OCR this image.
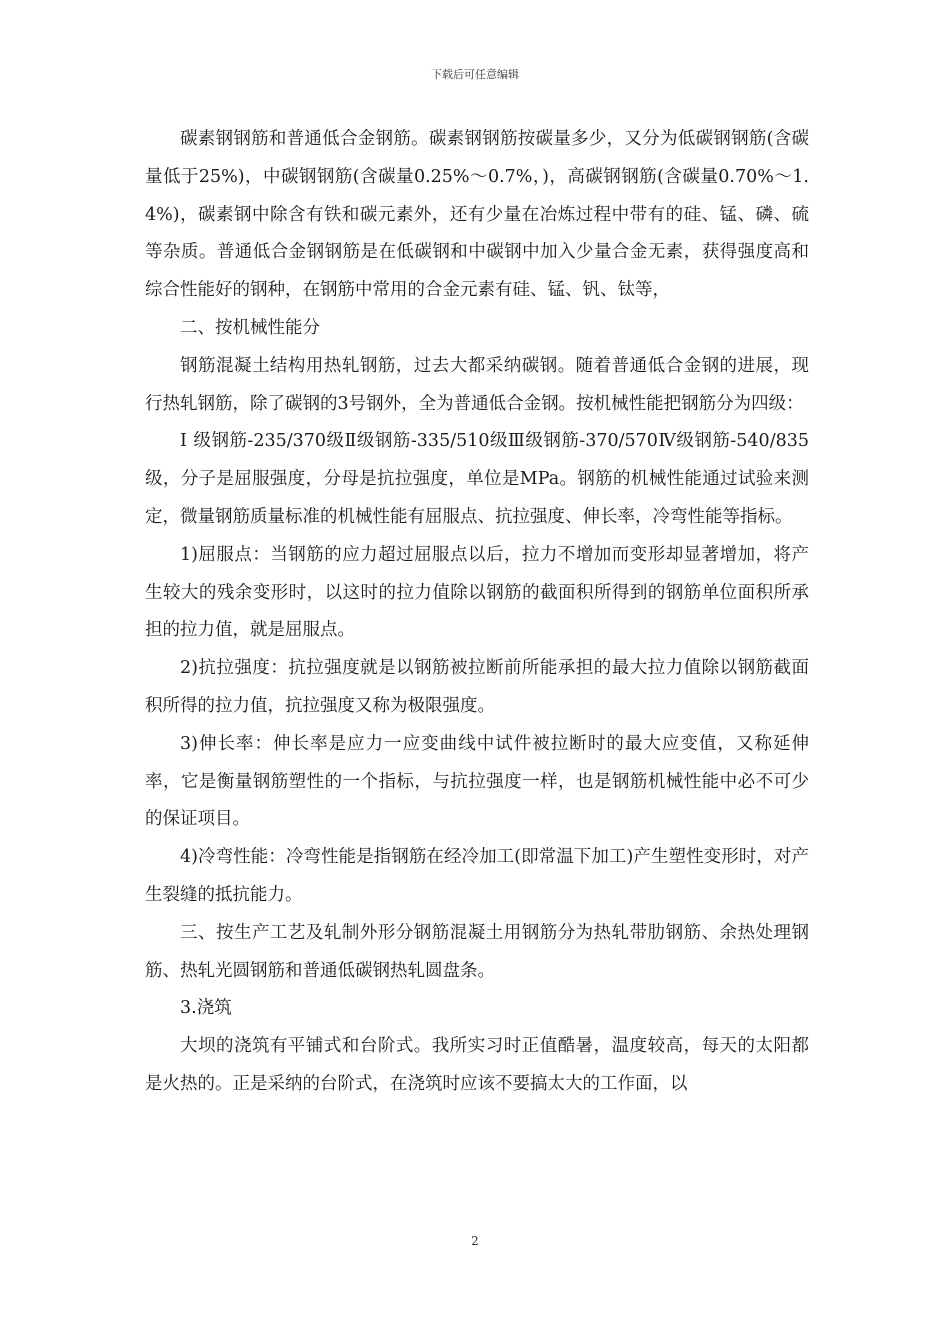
下载后可任意编辑

碳素钢钢筋和普通低合金钢筋。碳素钢钢筋按碳量多少，又分为低碳钢钢筋(含碳量低于25%)，中碳钢钢筋(含碳量0.25%～0.7%，)，高碳钢钢筋(含碳量0.70%～1.4%)，碳素钢中除含有铁和碳元素外，还有少量在冶炼过程中带有的硅、锰、磷、硫等杂质。普通低合金钢钢筋是在低碳钢和中碳钢中加入少量合金无素，获得强度高和综合性能好的钢种，在钢筋中常用的合金元素有硅、锰、钒、钛等，

二、按机械性能分

钢筋混凝土结构用热轧钢筋，过去大都采纳碳钢。随着普通低合金钢的进展，现行热轧钢筋，除了碳钢的3号钢外，全为普通低合金钢。按机械性能把钢筋分为四级：

Ⅰ 级钢筋-235/370级Ⅱ级钢筋-335/510级Ⅲ级钢筋-370/570Ⅳ级钢筋-540/835级，分子是屈服强度，分母是抗拉强度，单位是MPa。钢筋的机械性能通过试验来测定，微量钢筋质量标准的机械性能有屈服点、抗拉强度、伸长率，冷弯性能等指标。

1)屈服点：当钢筋的应力超过屈服点以后，拉力不增加而变形却显著增加，将产生较大的残余变形时，以这时的拉力值除以钢筋的截面积所得到的钢筋单位面积所承担的拉力值，就是屈服点。

2)抗拉强度：抗拉强度就是以钢筋被拉断前所能承担的最大拉力值除以钢筋截面积所得的拉力值，抗拉强度又称为极限强度。

3)伸长率：伸长率是应力一应变曲线中试件被拉断时的最大应变值，又称延伸率，它是衡量钢筋塑性的一个指标，与抗拉强度一样，也是钢筋机械性能中必不可少的保证项目。

4)冷弯性能：冷弯性能是指钢筋在经冷加工(即常温下加工)产生塑性变形时，对产生裂缝的抵抗能力。

三、按生产工艺及轧制外形分钢筋混凝土用钢筋分为热轧带肋钢筋、余热处理钢筋、热轧光圆钢筋和普通低碳钢热轧圆盘条。

3.浇筑

大坝的浇筑有平铺式和台阶式。我所实习时正值酷暑，温度较高，每天的太阳都是火热的。正是采纳的台阶式，在浇筑时应该不要搞太大的工作面，以

2
